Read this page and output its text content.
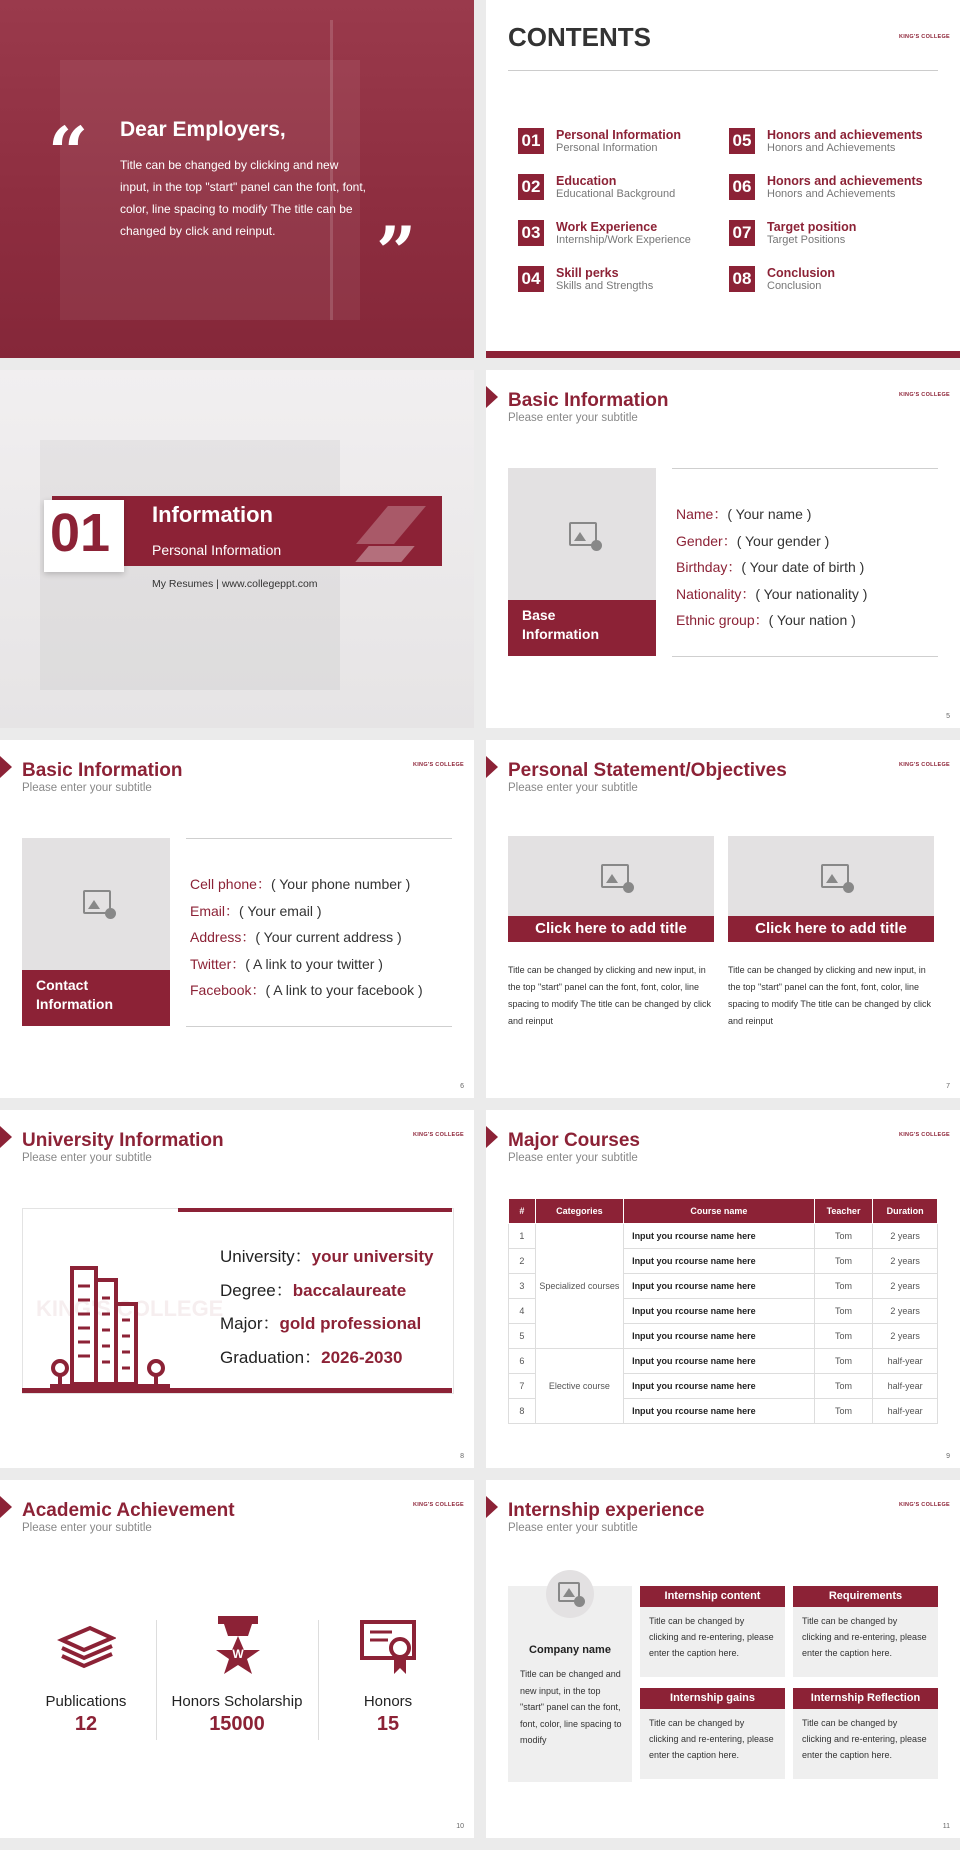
“ Dear Employers,
Title can be changed by clicking and new input, in the top "start" panel can the font, font, color, line spacing to modify The title can be changed by click and reinput.	”
CONTENTS	KING'S COLLEGE
01 Personal Information
Personal Information
02 Education
Educational Background
03 Work Experience
Internship/Work Experience
04 Skill perks
Skills and Strengths
05 Honors and achievements
Honors and Achievements
06 Honors and achievements
Honors and Achievements
07 Target position
Target Positions
08 Conclusion
Conclusion
01 Information
Personal Information
My Resumes | www.collegeppt.com
Basic Information
Please enter your subtitle
KING'S COLLEGE
Base Information
5
Name：( Your name )
Gender：( Your gender )
Birthday：( Your date of birth )
Nationality：( Your nationality )
Ethnic group：( Your nation )
Basic Information
Please enter your subtitle
KING'S COLLEGE
Contact Information
6
Cell phone：( Your phone number )
Email：( Your email )
Address：( Your current address )
Twitter：( A link to your twitter )
Facebook：( A link to your facebook )
Personal Statement/Objectives
Please enter your subtitle
KING'S COLLEGE
7
Click here to add title
Title can be changed by clicking and new input, in the top "start" panel can the font, font, color, line spacing to modify The title can be changed by click and reinput
Click here to add title
Title can be changed by clicking and new input, in the top "start" panel can the font, font, color, line spacing to modify The title can be changed by click and reinput
University Information
Please enter your subtitle
KING'S COLLEGE
KING'S COLLEGE
8
University：your university
Degree：baccalaureate
Major：gold professional
Graduation：2026-2030
Major Courses
Please enter your subtitle
KING'S COLLEGE
#	Categories	Course name	Teacher	Duration
1	Specialized courses	Input you rcourse name here	Tom	2 years
2		Input you rcourse name here	Tom	2 years
3		Input you rcourse name here	Tom	2 years
4		Input you rcourse name here	Tom	2 years
5		Input you rcourse name here	Tom	2 years
6	Elective course	Input you rcourse name here	Tom	half-year
7		Input you rcourse name here	Tom	half-year
8		Input you rcourse name here	Tom	half-year
9
Academic Achievement
Please enter your subtitle
KING'S COLLEGE
W
10
Publications
12
Honors Scholarship
15000
Honors
15
Internship experience
Please enter your subtitle
KING'S COLLEGE
Company name
Title can be changed and new input, in the top "start" panel can the font, font, color, line spacing to modify
11
Internship content
Title can be changed by clicking and re-entering, please enter the caption here.
Requirements
Title can be changed by clicking and re-entering, please enter the caption here.
Internship gains
Title can be changed by clicking and re-entering, please enter the caption here.
Internship Reflection
Title can be changed by clicking and re-entering, please enter the caption here.
